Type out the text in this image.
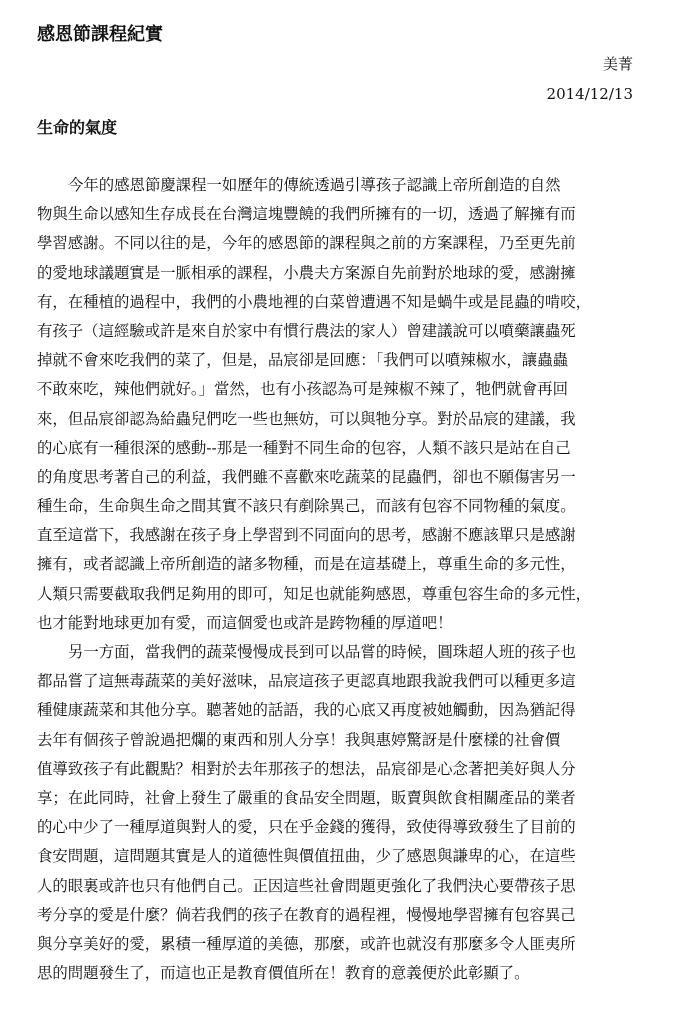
感恩節課程紀實
美菁
2014/12/13
生命的氣度
今年的感恩節慶課程一如歷年的傳統透過引導孩子認識上帝所創造的自然
物與生命以感知生存成長在台灣這塊豐饒的我們所擁有的一切，透過了解擁有而
學習感謝。不同以往的是，今年的感恩節的課程與之前的方案課程，乃至更先前
的愛地球議題實是一脈相承的課程，小農夫方案源自先前對於地球的愛，感謝擁
有，在種植的過程中，我們的小農地裡的白菜曾遭遇不知是蝸牛或是昆蟲的啃咬，
有孩子（這經驗或許是來自於家中有慣行農法的家人）曾建議說可以噴藥讓蟲死
掉就不會來吃我們的菜了，但是，品宸卻是回應：「我們可以噴辣椒水，讓蟲蟲
不敢來吃，辣他們就好。」當然，也有小孩認為可是辣椒不辣了，牠們就會再回
來，但品宸卻認為給蟲兒們吃一些也無妨，可以與牠分享。對於品宸的建議，我
的心底有一種很深的感動--那是一種對不同生命的包容，人類不該只是站在自己
的角度思考著自己的利益，我們雖不喜歡來吃蔬菜的昆蟲們，卻也不願傷害另一
種生命，生命與生命之間其實不該只有剷除異己，而該有包容不同物種的氣度。
直至這當下，我感謝在孩子身上學習到不同面向的思考，感謝不應該單只是感謝
擁有，或者認識上帝所創造的諸多物種，而是在這基礎上，尊重生命的多元性，
人類只需要截取我們足夠用的即可，知足也就能夠感恩，尊重包容生命的多元性，
也才能對地球更加有愛，而這個愛也或許是跨物種的厚道吧！
另一方面，當我們的蔬菜慢慢成長到可以品嘗的時候，圓珠超人班的孩子也
都品嘗了這無毒蔬菜的美好滋味，品宸這孩子更認真地跟我說我們可以種更多這
種健康蔬菜和其他分享。聽著她的話語，我的心底又再度被她觸動，因為猶記得
去年有個孩子曾說過把爛的東西和別人分享！我與惠婷驚訝是什麼樣的社會價
值導致孩子有此觀點？相對於去年那孩子的想法，品宸卻是心念著把美好與人分
享；在此同時，社會上發生了嚴重的食品安全問題，販賣與飲食相關產品的業者
的心中少了一種厚道與對人的愛，只在乎金錢的獲得，致使得導致發生了目前的
食安問題，這問題其實是人的道德性與價值扭曲，少了感恩與謙卑的心，在這些
人的眼裏或許也只有他們自己。正因這些社會問題更強化了我們決心要帶孩子思
考分享的愛是什麼？倘若我們的孩子在教育的過程裡，慢慢地學習擁有包容異己
與分享美好的愛，累積一種厚道的美德，那麼，或許也就沒有那麼多令人匪夷所
思的問題發生了，而這也正是教育價值所在！教育的意義便於此彰顯了。
